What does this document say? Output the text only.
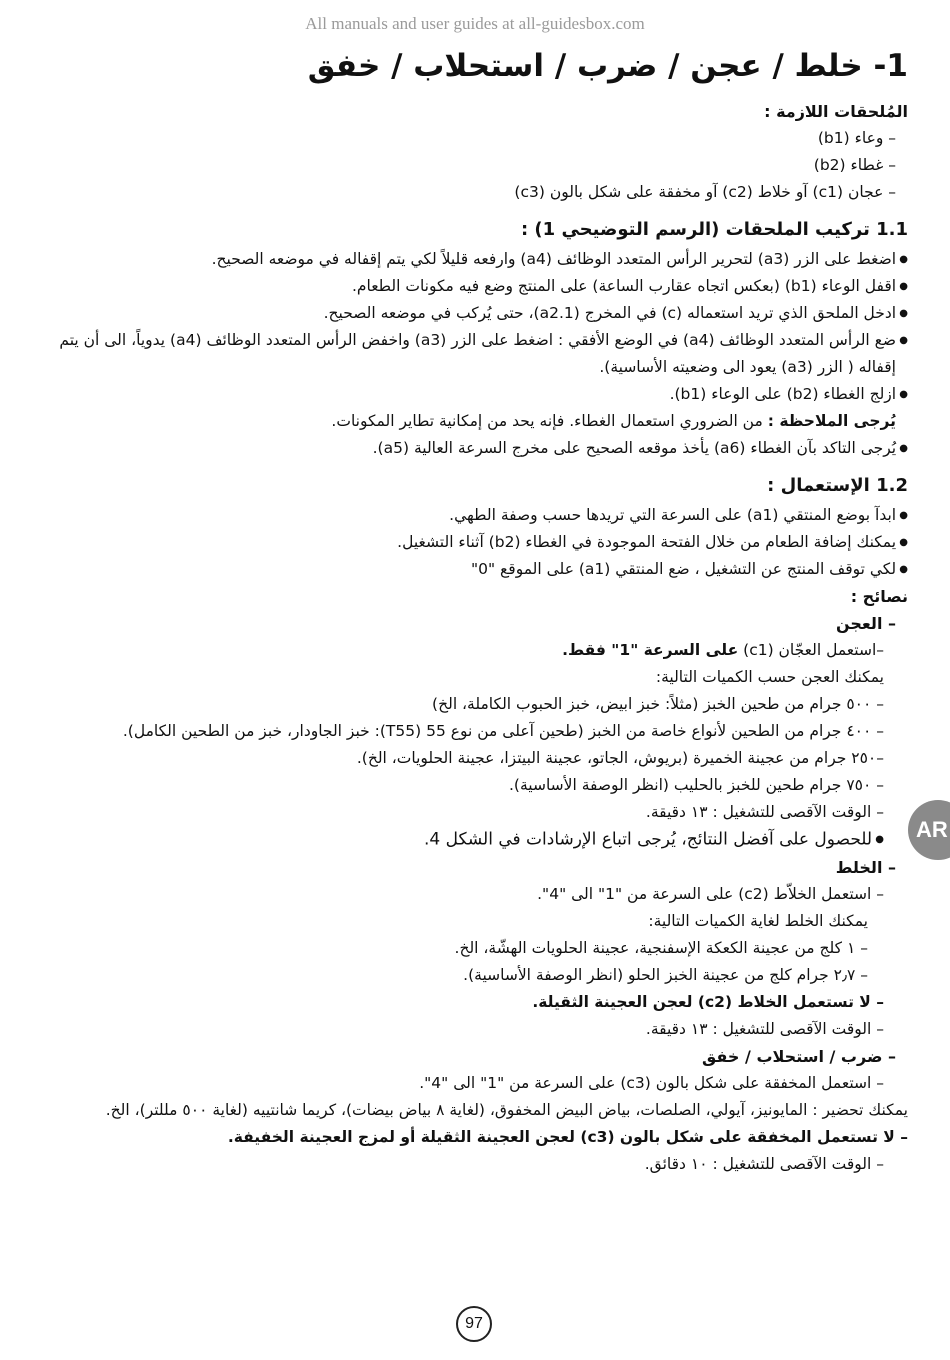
All manuals and user guides at all-guidesbox.com
1- خلط / عجن / ضرب / استحلاب / خفق
المُلحقات اللازمة :
– وعاء (b1)
– غطاء (b2)
– عجان (c1) آو خلاط (c2) آو مخفقة على شكل بالون (c3)
1.1 تركيب الملحقات (الرسم التوضيحي 1) :
● اضغط على الزر (a3) لتحرير الرأس المتعدد الوظائف (a4) وارفعه قليلاً لكي يتم إقفاله في موضعه الصحيح.
● اقفل الوعاء (b1) (بعكس اتجاه عقارب الساعة) على المنتج وضع فيه مكونات الطعام.
● ادخل الملحق الذي تريد استعماله (c) في المخرج (a2.1)، حتى يُركب في موضعه الصحيح.
● ضع الرأس المتعدد الوظائف (a4) في الوضع الأفقي : اضغط على الزر (a3) واخفض الرأس المتعدد الوظائف (a4) يدوياً، الى أن يتم
إقفاله ( الزر (a3) يعود الى وضعيته الأساسية).
● ازلج الغطاء (b2) على الوعاء (b1).
يُرجى الملاحظة : من الضروري استعمال الغطاء. فإنه يحد من إمكانية تطاير المكونات.
● يُرجى التاكد بآن الغطاء (a6) يأخذ موقعه الصحيح على مخرج السرعة العالية (a5).
1.2 الإستعمال :
● ابدآ بوضع المنتقي (a1) على السرعة التي تريدها حسب وصفة الطهي.
● يمكنك إضافة الطعام من خلال الفتحة الموجودة في الغطاء (b2) آثناء التشغيل.
● لكي توقف المنتج عن التشغيل ، ضع المنتقي (a1) على الموقع "0"
نصائح :
– العجن
–استعمل العجّان (c1) على السرعة "1" فقط.
يمكنك العجن حسب الكميات التالية:
– ٥٠٠ جرام من طحين الخبز (مثلاً: خبز ابيض، خبز الحبوب الكاملة، الخ)
– ٤٠٠ جرام من الطحين لأنواع خاصة من الخبز (طحين آعلى من نوع 55 (T55): خبز الجاودار، خبز من الطحين الكامل).
–٢٥٠ جرام من عجينة الخميرة (بريوش، الجاتو، عجينة البيتزا، عجينة الحلويات، الخ).
– ٧٥٠ جرام طحين للخبز بالحليب (انظر الوصفة الأساسية).
– الوقت الآقصى للتشغيل : ١٣ دقيقة.
● للحصول على آفضل النتائج، يُرجى اتباع الإرشادات في الشكل 4.
– الخلط
– استعمل الخلاّط (c2) على السرعة من "1" الى "4".
يمكنك الخلط لغاية الكميات التالية:
– ١ كلج من عجينة الكعكة الإسفنجية، عجينة الحلويات الهشّة، الخ.
– ٢٫٧ جرام كلج من عجينة الخبز الحلو (انظر الوصفة الأساسية).
– لا تستعمل الخلاط (c2) لعجن العجينة الثقيلة.
– الوقت الآقصى للتشغيل : ١٣ دقيقة.
– ضرب / استحلاب / خفق
– استعمل المخفقة على شكل بالون (c3) على السرعة من "1" الى "4".
يمكنك تحضير : المايونيز، آيولي، الصلصات، بياض البيض المخفوق، (لغاية ٨ بياض بيضات)، كريما شانتييه (لغاية ٥٠٠ مللتر)، الخ.
– لا تستعمل المخفقة على شكل بالون (c3) لعجن العجينة الثقيلة أو لمزج العجينة الخفيفة.
– الوقت الآقصى للتشغيل : ١٠ دقائق.
AR
97
